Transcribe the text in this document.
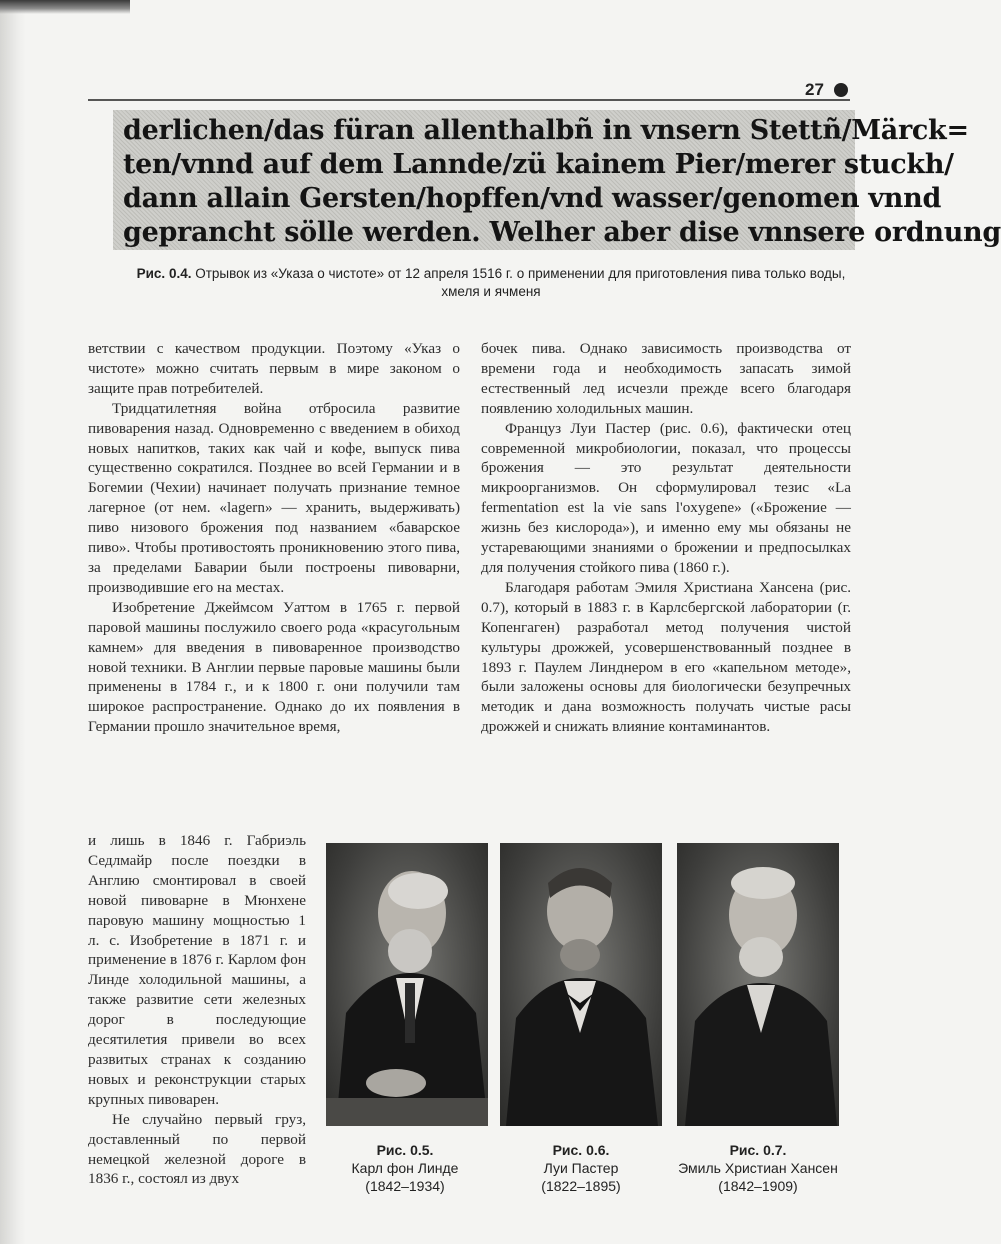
27
derlichen/das füran allenthalbñ in vnsern Stettñ/Märck=
ten/vnnd auf dem Lannde/zü kainem Pier/merer stuckh/
dann allain Gersten/hopffen/vnd wasser/genomen vnnd
geprancht sölle werden. Welher aber dise vnnsere ordnung
Рис. 0.4. Отрывок из «Указа о чистоте» от 12 апреля 1516 г. о применении для приготовления пива только воды, хмеля и ячменя

ветствии с качеством продукции. Поэтому «Указ о чистоте» можно считать первым в мире законом о защите прав потребителей.

Тридцатилетняя война отбросила развитие пивоварения назад. Одновременно с введением в обиход новых напитков, таких как чай и кофе, выпуск пива существенно сократился. Позднее во всей Германии и в Богемии (Чехии) начинает получать признание темное лагерное (от нем. «lagern» — хранить, выдерживать) пиво низового брожения под названием «баварское пиво». Чтобы противостоять проникновению этого пива, за пределами Баварии были построены пивоварни, производившие его на местах.

Изобретение Джеймсом Уаттом в 1765 г. первой паровой машины послужило своего рода «красугольным камнем» для введения в пивоваренное производство новой техники. В Англии первые паровые машины были применены в 1784 г., и к 1800 г. они получили там широкое распространение. Однако до их появления в Германии прошло значительное время,

и лишь в 1846 г. Габриэль Седлмайр после поездки в Англию смонтировал в своей новой пивоварне в Мюнхене паровую машину мощностью 1 л. с. Изобретение в 1871 г. и применение в 1876 г. Карлом фон Линде холодильной машины, а также развитие сети железных дорог в последующие десятилетия привели во всех развитых странах к созданию новых и реконструкции старых крупных пивоварен.

Не случайно первый груз, доставленный по первой немецкой железной дороге в 1836 г., состоял из двух

бочек пива. Однако зависимость производства от времени года и необходимость запасать зимой естественный лед исчезли прежде всего благодаря появлению холодильных машин.

Француз Луи Пастер (рис. 0.6), фактически отец современной микробиологии, показал, что процессы брожения — это результат деятельности микроорганизмов. Он сформулировал тезис «La fermentation est la vie sans l'oxygene» («Брожение — жизнь без кислорода»), и именно ему мы обязаны не устаревающими знаниями о брожении и предпосылках для получения стойкого пива (1860 г.).

Благодаря работам Эмиля Христиана Хансена (рис. 0.7), который в 1883 г. в Карлсбергской лаборатории (г. Копенгаген) разработал метод получения чистой культуры дрожжей, усовершенствованный позднее в 1893 г. Паулем Линднером в его «капельном методе», были заложены основы для биологически безупречных методик и дана возможность получать чистые расы дрожжей и снижать влияние контаминантов.

Рис. 0.5.
Карл фон Линде
(1842–1934)
Рис. 0.6.
Луи Пастер
(1822–1895)
Рис. 0.7.
Эмиль Христиан Хансен
(1842–1909)
